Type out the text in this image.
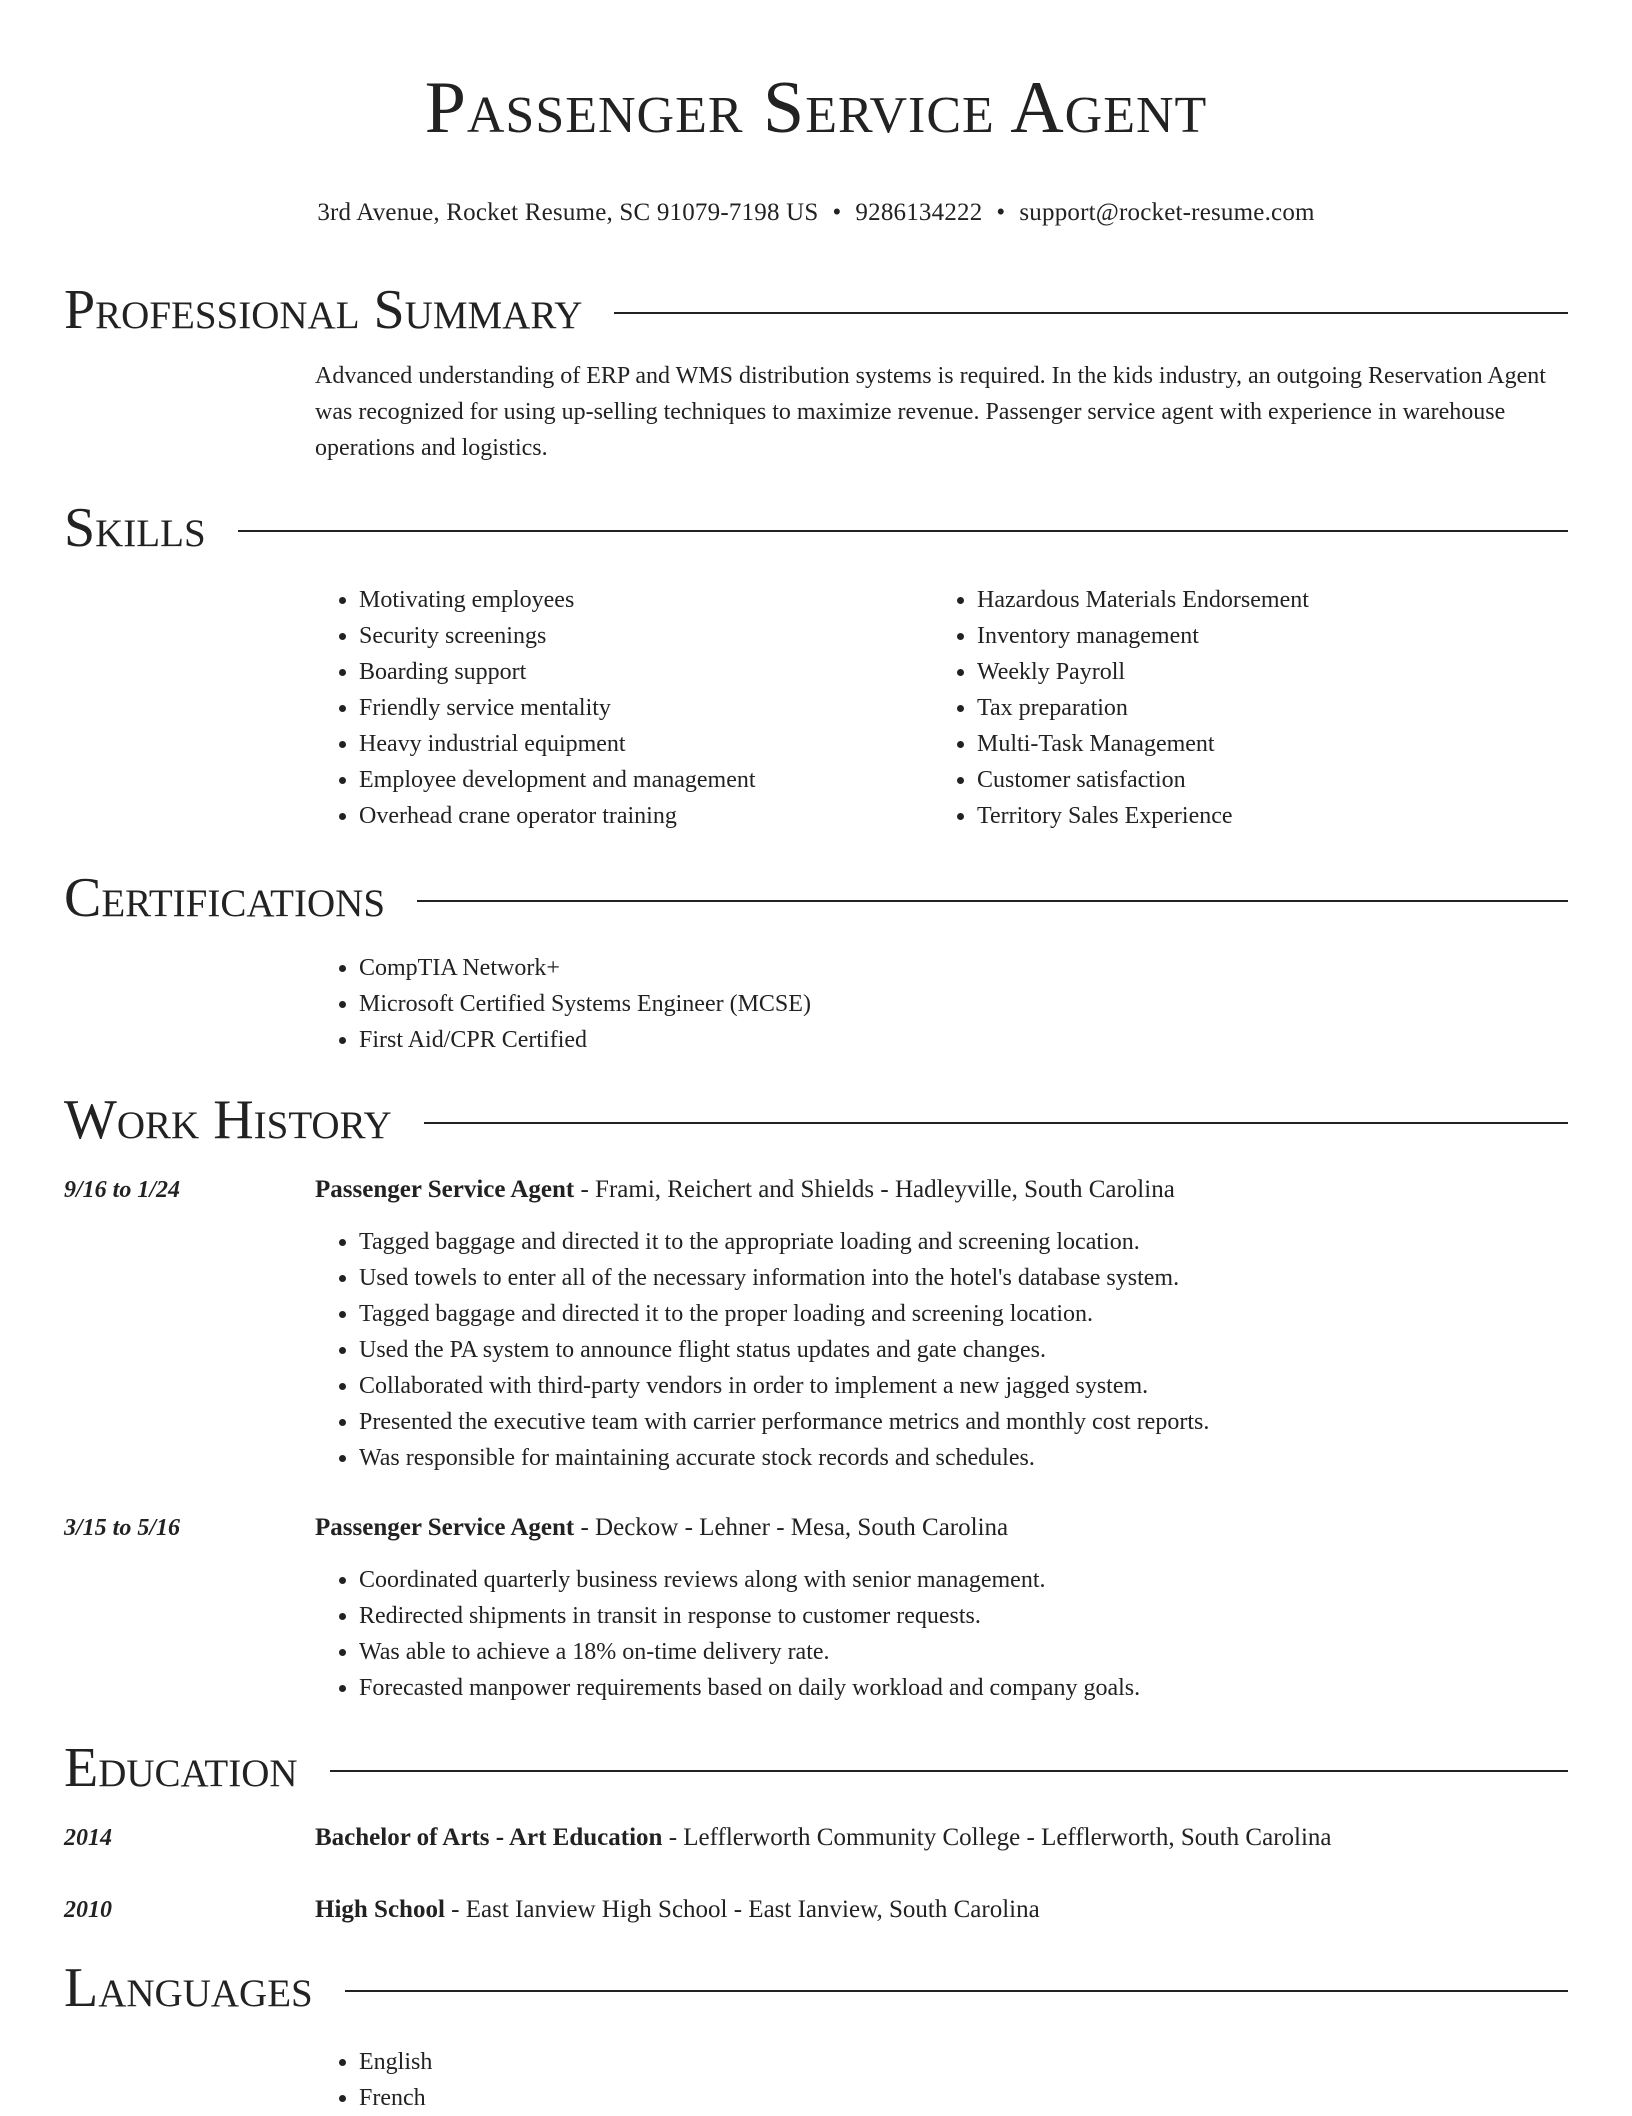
Passenger Service Agent
3rd Avenue, Rocket Resume, SC 91079-7198 US • 9286134222 • support@rocket-resume.com
Professional Summary

Advanced understanding of ERP and WMS distribution systems is required. In the kids industry, an outgoing Reservation Agent was recognized for using up-selling techniques to maximize revenue. Passenger service agent with experience in warehouse operations and logistics.

Skills
• Motivating employees
• Security screenings
• Boarding support
• Friendly service mentality
• Heavy industrial equipment
• Employee development and management
• Overhead crane operator training
• Hazardous Materials Endorsement
• Inventory management
• Weekly Payroll
• Tax preparation
• Multi-Task Management
• Customer satisfaction
• Territory Sales Experience
Certifications
• CompTIA Network+
• Microsoft Certified Systems Engineer (MCSE)
• First Aid/CPR Certified
Work History
9/16 to 1/24	Passenger Service Agent - Frami, Reichert and Shields - Hadleyville, South Carolina
• Tagged baggage and directed it to the appropriate loading and screening location.
• Used towels to enter all of the necessary information into the hotel's database system.
• Tagged baggage and directed it to the proper loading and screening location.
• Used the PA system to announce flight status updates and gate changes.
• Collaborated with third-party vendors in order to implement a new jagged system.
• Presented the executive team with carrier performance metrics and monthly cost reports.
• Was responsible for maintaining accurate stock records and schedules.
3/15 to 5/16	Passenger Service Agent - Deckow - Lehner - Mesa, South Carolina
• Coordinated quarterly business reviews along with senior management.
• Redirected shipments in transit in response to customer requests.
• Was able to achieve a 18% on-time delivery rate.
• Forecasted manpower requirements based on daily workload and company goals.
Education
2014	Bachelor of Arts - Art Education - Lefflerworth Community College - Lefflerworth, South Carolina
2010	High School - East Ianview High School - East Ianview, South Carolina
Languages
• English
• French
